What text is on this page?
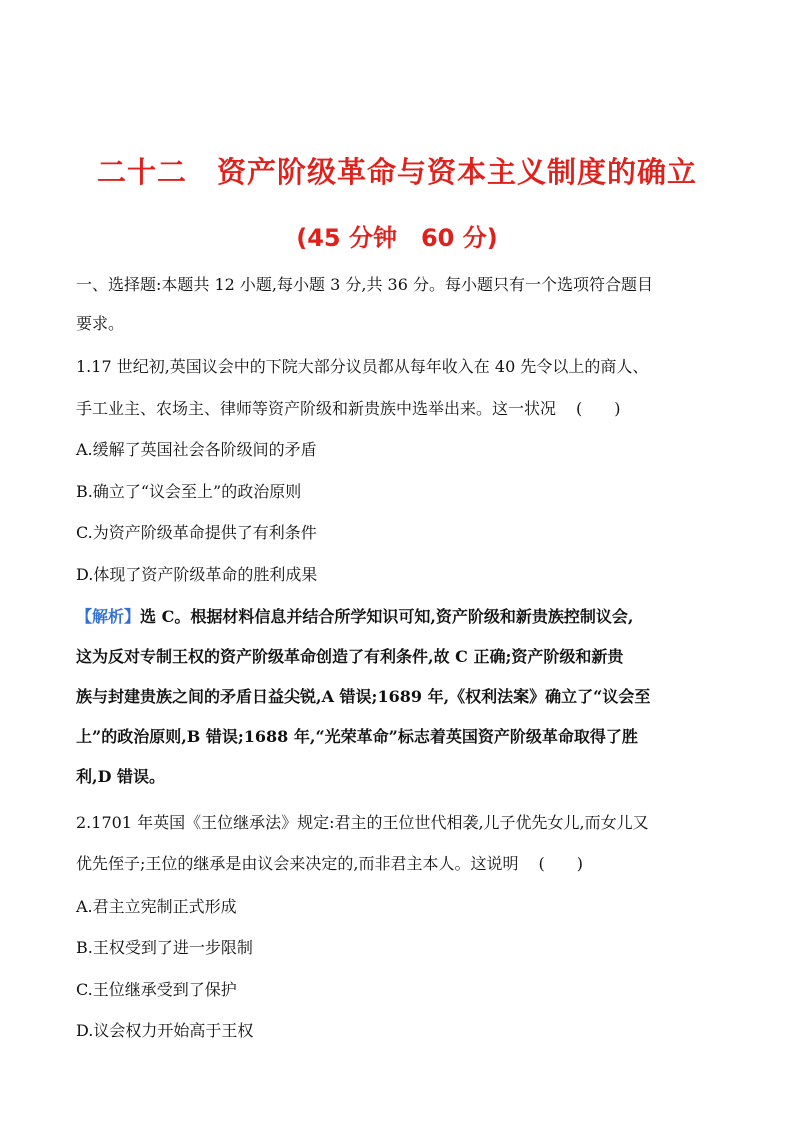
二十二　资产阶级革命与资本主义制度的确立
(45 分钟　60 分)
一、选择题:本题共 12 小题,每小题 3 分,共 36 分。每小题只有一个选项符合题目
要求。
1.17 世纪初,英国议会中的下院大部分议员都从每年收入在 40 先令以上的商人、
手工业主、农场主、律师等资产阶级和新贵族中选举出来。这一状况 (　　)
A.缓解了英国社会各阶级间的矛盾
B.确立了“议会至上”的政治原则
C.为资产阶级革命提供了有利条件
D.体现了资产阶级革命的胜利成果
【解析】选 C。根据材料信息并结合所学知识可知,资产阶级和新贵族控制议会,
这为反对专制王权的资产阶级革命创造了有利条件,故 C 正确;资产阶级和新贵
族与封建贵族之间的矛盾日益尖锐,A 错误;1689 年,《权利法案》确立了“议会至
上”的政治原则,B 错误;1688 年,“光荣革命”标志着英国资产阶级革命取得了胜
利,D 错误。
2.1701 年英国《王位继承法》规定:君主的王位世代相袭,儿子优先女儿,而女儿又
优先侄子;王位的继承是由议会来决定的,而非君主本人。这说明 (　　)
A.君主立宪制正式形成
B.王权受到了进一步限制
C.王位继承受到了保护
D.议会权力开始高于王权
